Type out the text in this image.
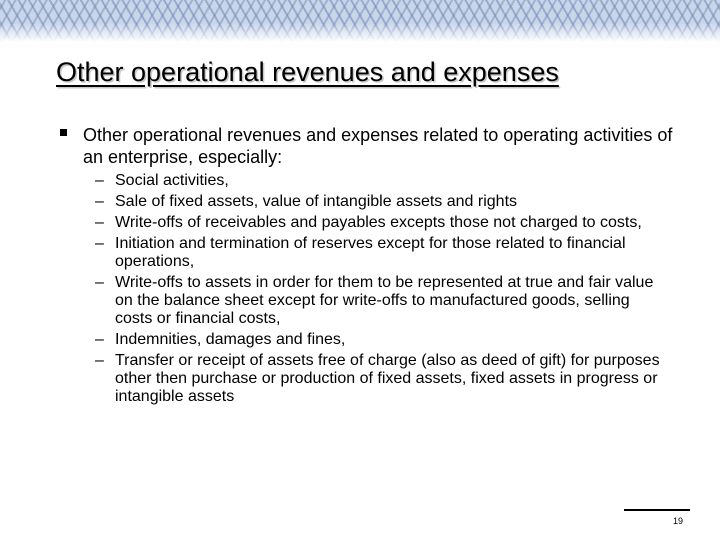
Other operational revenues and expenses

Other operational revenues and expenses related to operating activities of an enterprise, especially:

– Social activities,
– Sale of fixed assets, value of intangible assets and rights
– Write-offs of receivables and payables excepts those not charged to costs,
– Initiation and termination of reserves except for those related to financial operations,
– Write-offs to assets in order for them to be represented at true and fair value on the balance sheet except for write-offs to manufactured goods, selling costs or financial costs,
– Indemnities, damages and fines,
– Transfer or receipt of assets free of charge (also as deed of gift) for purposes other then purchase or production of fixed assets, fixed assets in progress or intangible assets
19
